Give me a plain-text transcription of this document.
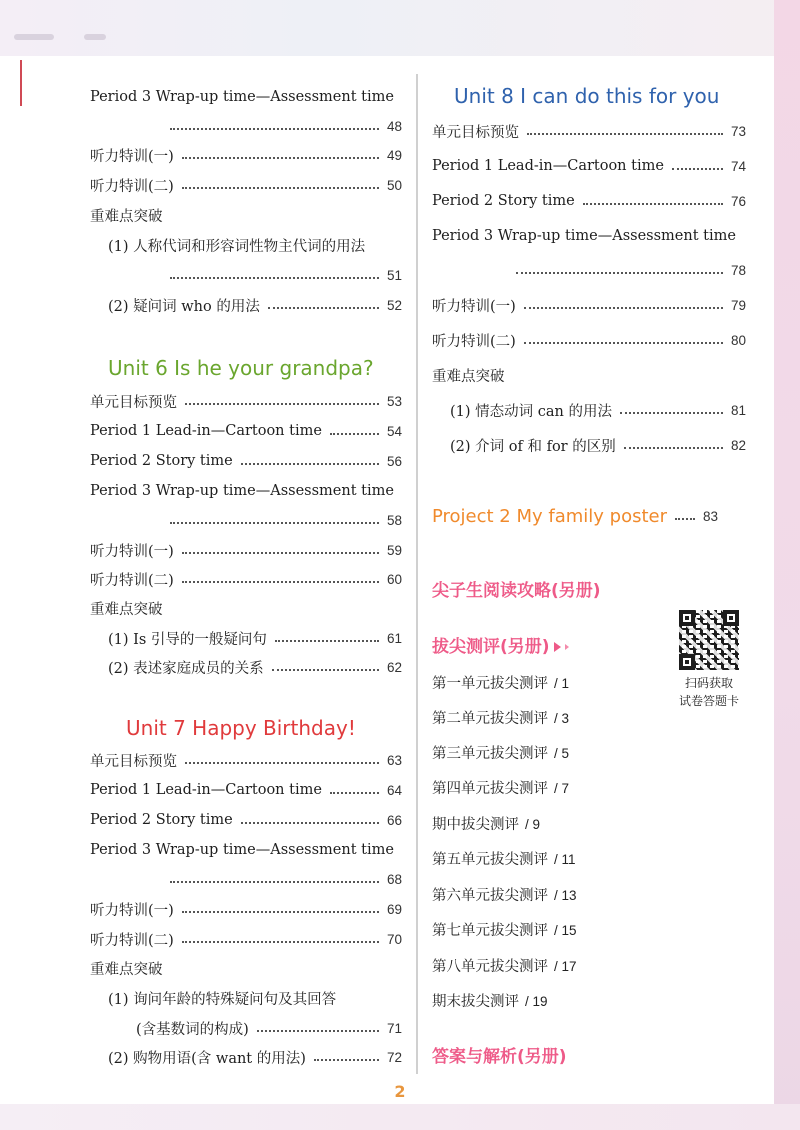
Period 3 Wrap-up time—Assessment time
48
听力特训(一)	49
听力特训(二)	50
重难点突破
(1) 人称代词和形容词性物主代词的用法
51
(2) 疑问词 who 的用法	52
Unit 6 Is he your grandpa?
单元目标预览	53
Period 1 Lead-in—Cartoon time	54
Period 2 Story time	56
Period 3 Wrap-up time—Assessment time
58
听力特训(一)	59
听力特训(二)	60
重难点突破
(1) Is 引导的一般疑问句	61
(2) 表述家庭成员的关系	62
Unit 7 Happy Birthday!
单元目标预览	63
Period 1 Lead-in—Cartoon time	64
Period 2 Story time	66
Period 3 Wrap-up time—Assessment time
68
听力特训(一)	69
听力特训(二)	70
重难点突破
(1) 询问年龄的特殊疑问句及其回答
(含基数词的构成)	71
(2) 购物用语(含 want 的用法)	72
Unit 8 I can do this for you
单元目标预览	73
Period 1 Lead-in—Cartoon time	74
Period 2 Story time	76
Period 3 Wrap-up time—Assessment time
78
听力特训(一)	79
听力特训(二)	80
重难点突破
(1) 情态动词 can 的用法	81
(2) 介词 of 和 for 的区别	82
Project 2 My family poster	83
尖子生阅读攻略(另册)
拔尖测评(另册)
第一单元拔尖测评 / 1
第二单元拔尖测评 / 3
第三单元拔尖测评 / 5
第四单元拔尖测评 / 7
期中拔尖测评 / 9
第五单元拔尖测评 / 11
第六单元拔尖测评 / 13
第七单元拔尖测评 / 15
第八单元拔尖测评 / 17
期末拔尖测评 / 19
答案与解析(另册)
扫码获取
试卷答题卡
2
